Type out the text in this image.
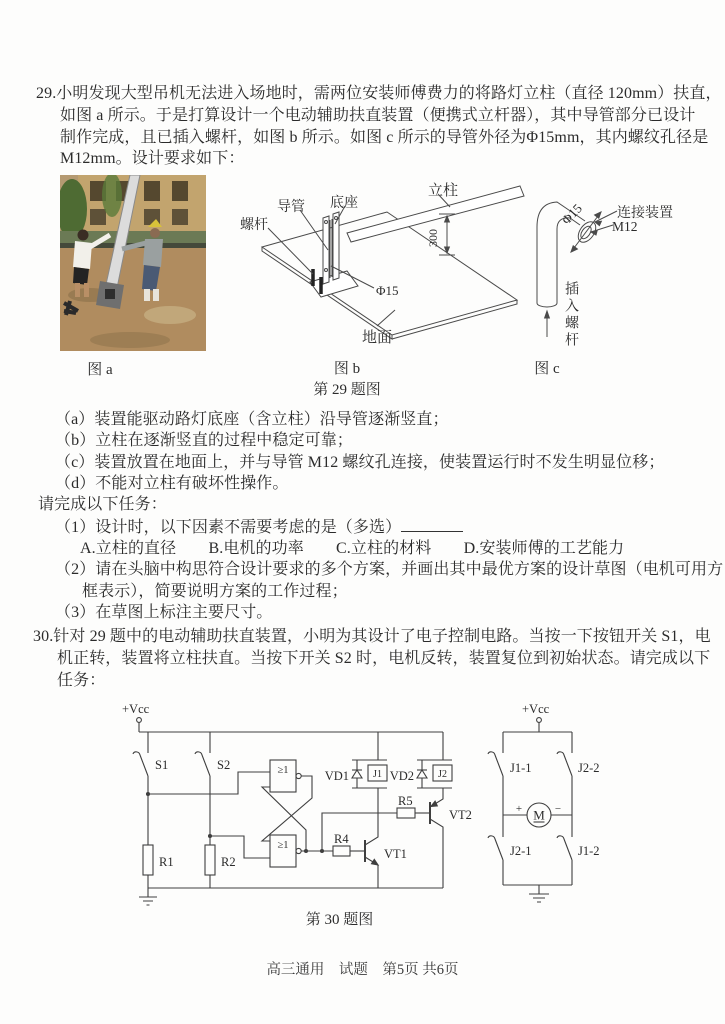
29.小明发现大型吊机无法进入场地时，需两位安装师傅费力的将路灯立柱（直径 120mm）扶直，
如图 a 所示。于是打算设计一个电动辅助扶直装置（便携式立杆器），其中导管部分已设计
制作完成，且已插入螺杆，如图 b 所示。如图 c 所示的导管外径为Φ15mm，其内螺纹孔径是
M12mm。设计要求如下：
300
螺杆
导管 底座
立柱
地面
Φ15
Φ15 连接装置
M12
插入螺杆
图 a	图 b
第 29 题图
图 c
（a）装置能驱动路灯底座（含立柱）沿导管逐渐竖直；
（b）立柱在逐渐竖直的过程中稳定可靠；
（c）装置放置在地面上，并与导管 M12 螺纹孔连接，使装置运行时不发生明显位移；
（d）不能对立柱有破坏性操作。
请完成以下任务：
（1）设计时，以下因素不需要考虑的是（多选）
A.立柱的直径　　B.电机的功率　　C.立柱的材料　　D.安装师傅的工艺能力
（2）请在头脑中构思符合设计要求的多个方案，并画出其中最优方案的设计草图（电机可用方
框表示），简要说明方案的工作过程；
（3）在草图上标注主要尺寸。
30.针对 29 题中的电动辅助扶直装置，小明为其设计了电子控制电路。当按一下按钮开关 S1，电
机正转，装置将立柱扶直。当按下开关 S2 时，电机反转，装置复位到初始状态。请完成以下
任务：
+Vcc
S1	S2
R1	R2
≥1
≥1
VD1 J1 VD2 J2
R4
R5
VT1
VT2
+Vcc
J1-1	J2-2
J2-1	J1-2
M
+	−
第 30 题图
高三通用　试题　第5页 共6页
